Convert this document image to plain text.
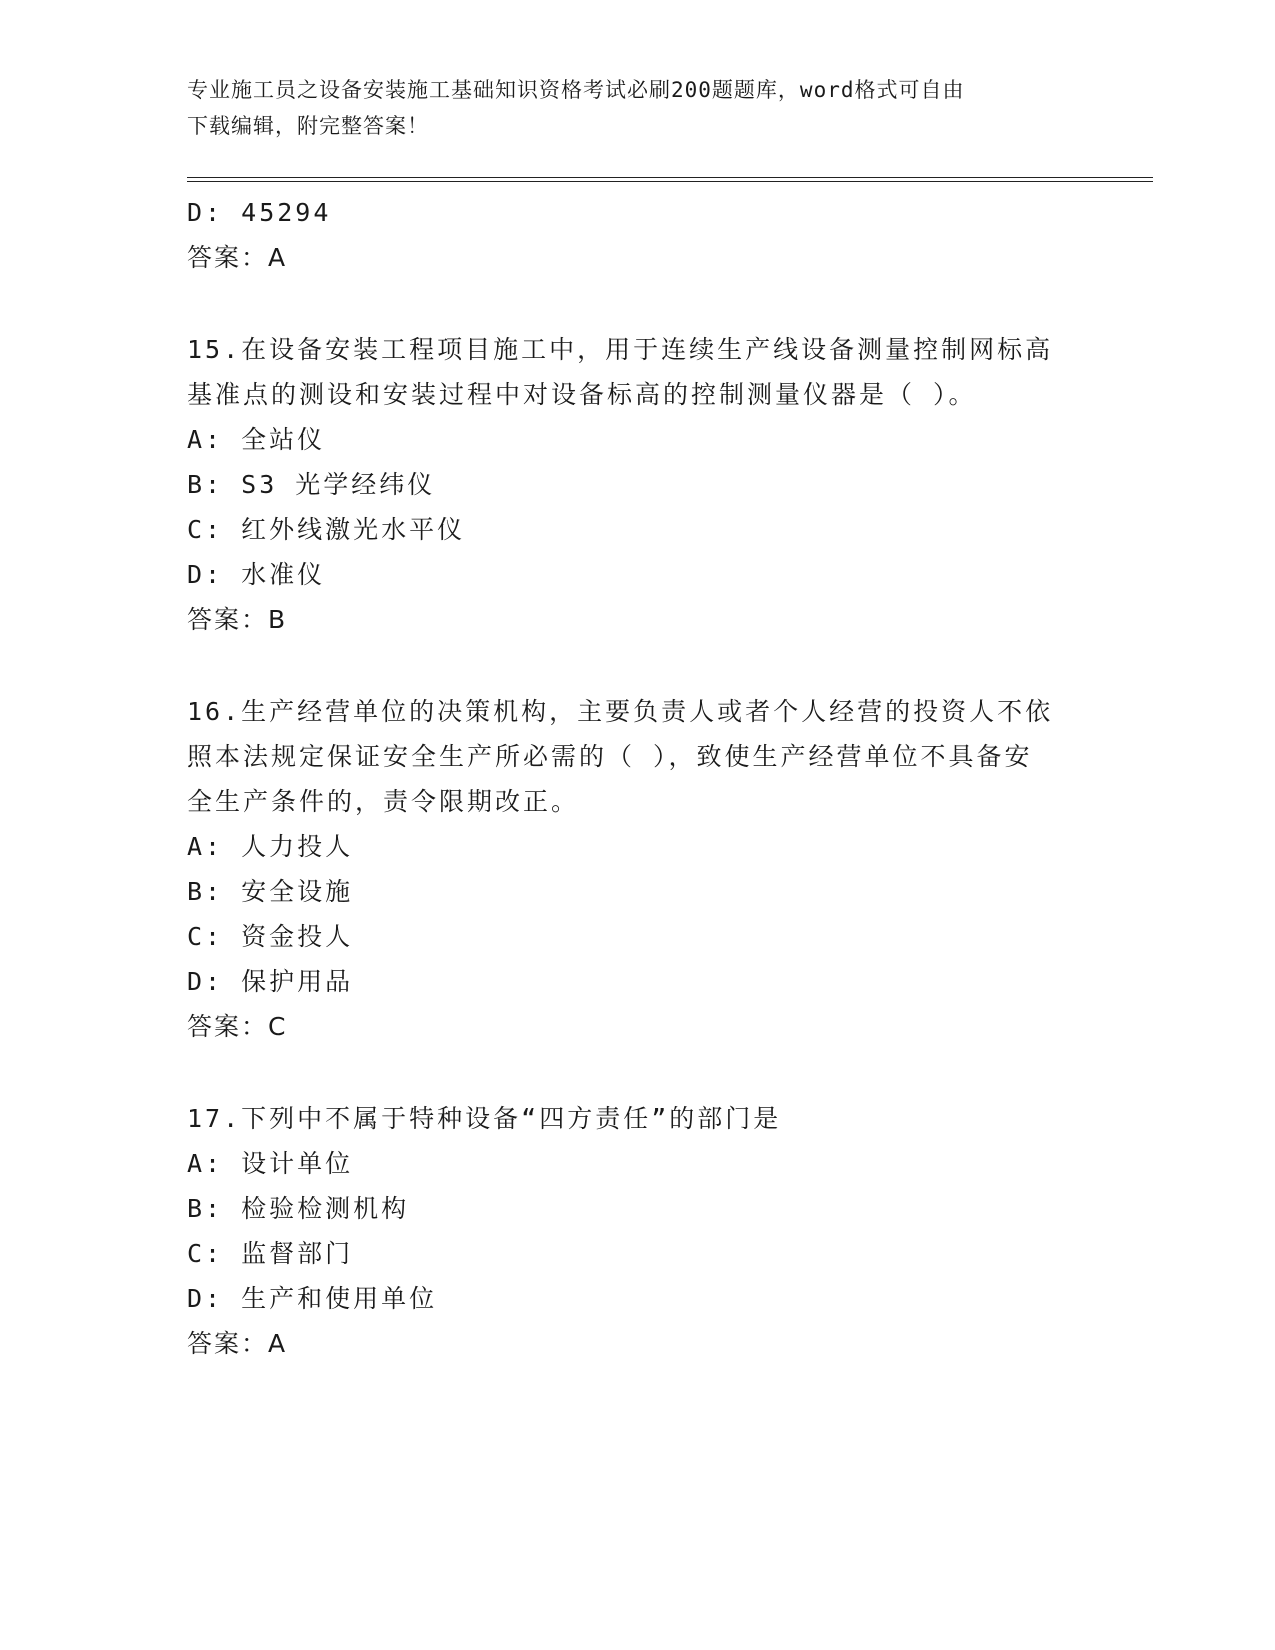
专业施工员之设备安装施工基础知识资格考试必刷200题题库，word格式可自由
下载编辑，附完整答案！
D: 45294
答案：A
15.在设备安装工程项目施工中，用于连续生产线设备测量控制网标高
基准点的测设和安装过程中对设备标高的控制测量仪器是（ ）。
A: 全站仪
B: S3 光学经纬仪
C: 红外线激光水平仪
D: 水准仪
答案：B
16.生产经营单位的决策机构，主要负责人或者个人经营的投资人不依
照本法规定保证安全生产所必需的（ ），致使生产经营单位不具备安
全生产条件的，责令限期改正。
A: 人力投人
B: 安全设施
C: 资金投人
D: 保护用品
答案：C
17.下列中不属于特种设备“四方责任”的部门是
A: 设计单位
B: 检验检测机构
C: 监督部门
D: 生产和使用单位
答案：A
